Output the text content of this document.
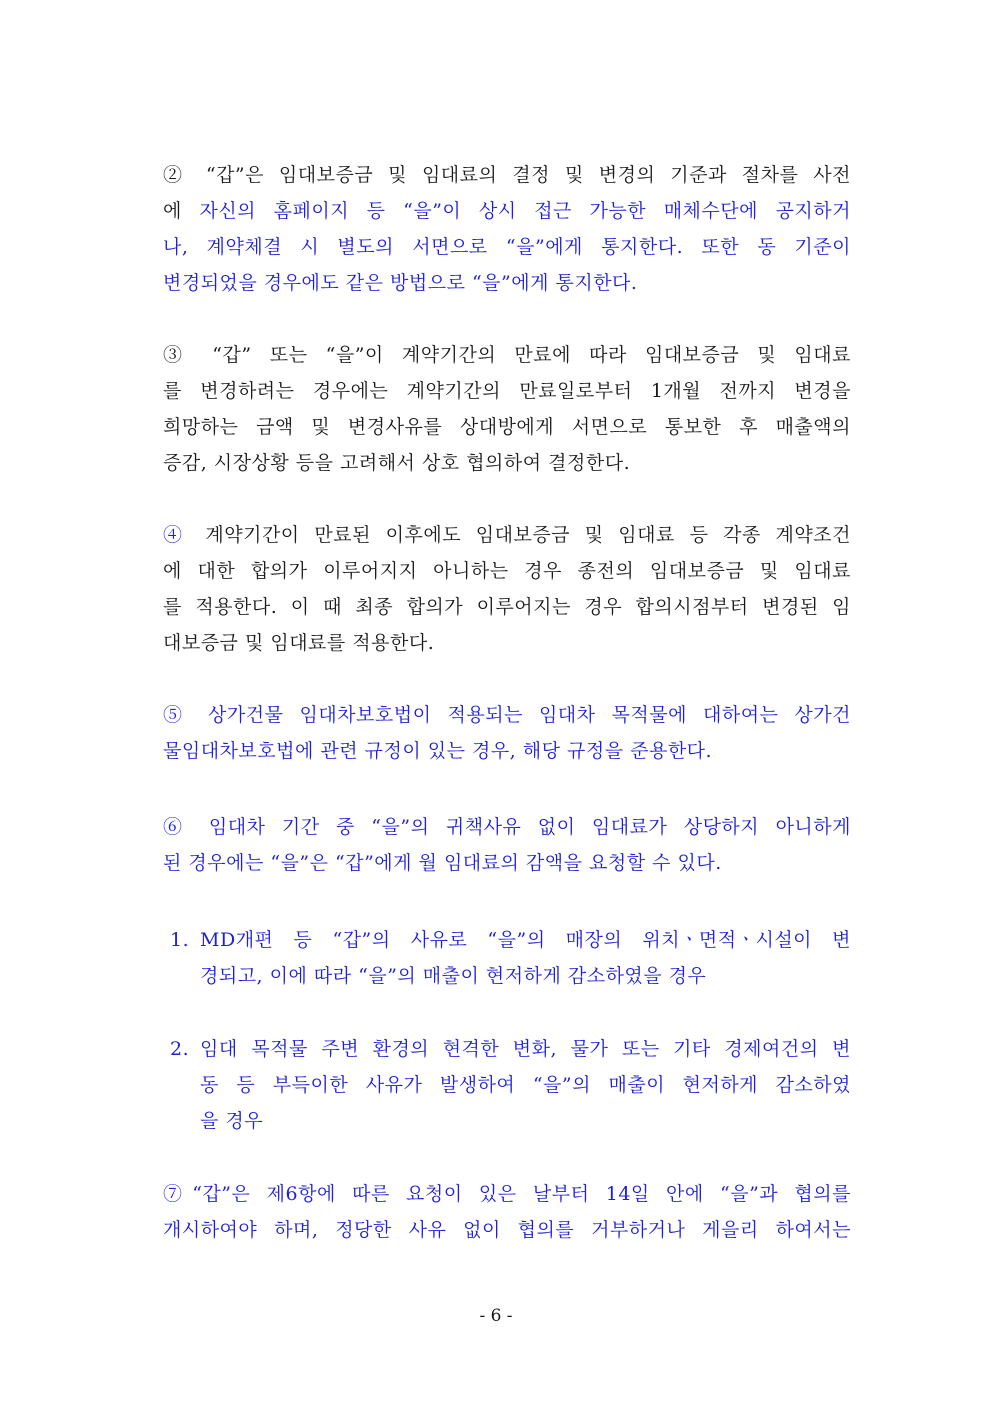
② “갑”은 임대보증금 및 임대료의 결정 및 변경의 기준과 절차를 사전
에 자신의 홈페이지 등 “을”이 상시 접근 가능한 매체수단에 공지하거
나, 계약체결 시 별도의 서면으로 “을”에게 통지한다. 또한 동 기준이
변경되었을 경우에도 같은 방법으로 “을”에게 통지한다.
③ “갑” 또는 “을”이 계약기간의 만료에 따라 임대보증금 및 임대료
를 변경하려는 경우에는 계약기간의 만료일로부터 1개월 전까지 변경을
희망하는 금액 및 변경사유를 상대방에게 서면으로 통보한 후 매출액의
증감, 시장상황 등을 고려해서 상호 협의하여 결정한다.
④ 계약기간이 만료된 이후에도 임대보증금 및 임대료 등 각종 계약조건
에 대한 합의가 이루어지지 아니하는 경우 종전의 임대보증금 및 임대료
를 적용한다. 이 때 최종 합의가 이루어지는 경우 합의시점부터 변경된 임
대보증금 및 임대료를 적용한다.
⑤ 상가건물 임대차보호법이 적용되는 임대차 목적물에 대하여는 상가건
물임대차보호법에 관련 규정이 있는 경우, 해당 규정을 준용한다.
⑥ 임대차 기간 중 “을”의 귀책사유 없이 임대료가 상당하지 아니하게
된 경우에는 “을”은 “갑”에게 월 임대료의 감액을 요청할 수 있다.
1. MD개편 등 “갑”의 사유로 “을”의 매장의 위치ㆍ면적ㆍ시설이 변
경되고, 이에 따라 “을”의 매출이 현저하게 감소하였을 경우
2. 임대 목적물 주변 환경의 현격한 변화, 물가 또는 기타 경제여건의 변
동 등 부득이한 사유가 발생하여 “을”의 매출이 현저하게 감소하였
을 경우
⑦“갑”은 제6항에 따른 요청이 있은 날부터 14일 안에 “을”과 협의를
개시하여야 하며, 정당한 사유 없이 협의를 거부하거나 게을리 하여서는
- 6 -
